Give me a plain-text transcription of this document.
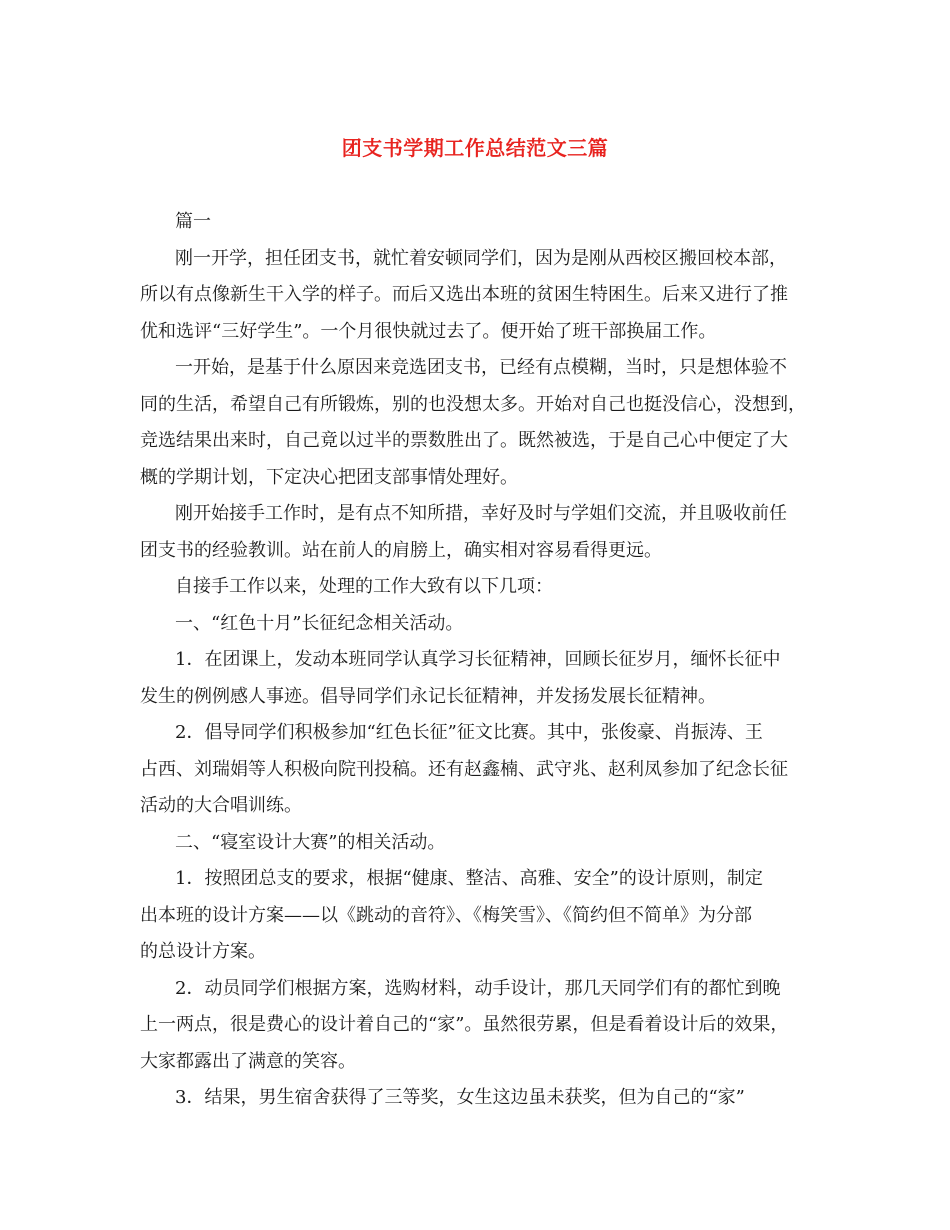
团支书学期工作总结范文三篇
篇一
刚一开学，担任团支书，就忙着安顿同学们，因为是刚从西校区搬回校本部，
所以有点像新生干入学的样子。而后又选出本班的贫困生特困生。后来又进行了推
优和选评“三好学生”。一个月很快就过去了。便开始了班干部换届工作。
一开始，是基于什么原因来竞选团支书，已经有点模糊，当时，只是想体验不
同的生活，希望自己有所锻炼，别的也没想太多。开始对自己也挺没信心，没想到，
竞选结果出来时，自己竟以过半的票数胜出了。既然被选，于是自己心中便定了大
概的学期计划，下定决心把团支部事情处理好。
刚开始接手工作时，是有点不知所措，幸好及时与学姐们交流，并且吸收前任
团支书的经验教训。站在前人的肩膀上，确实相对容易看得更远。
自接手工作以来，处理的工作大致有以下几项：
一、“红色十月”长征纪念相关活动。
1．在团课上，发动本班同学认真学习长征精神，回顾长征岁月，缅怀长征中
发生的例例感人事迹。倡导同学们永记长征精神，并发扬发展长征精神。
2．倡导同学们积极参加“红色长征”征文比赛。其中，张俊豪、肖振涛、王
占西、刘瑞娟等人积极向院刊投稿。还有赵鑫楠、武守兆、赵利凤参加了纪念长征
活动的大合唱训练。
二、“寝室设计大赛”的相关活动。
1．按照团总支的要求，根据“健康、整洁、高雅、安全”的设计原则，制定
出本班的设计方案——以《跳动的音符》、《梅笑雪》、《简约但不简单》为分部
的总设计方案。
2．动员同学们根据方案，选购材料，动手设计，那几天同学们有的都忙到晚
上一两点，很是费心的设计着自己的“家”。虽然很劳累，但是看着设计后的效果，
大家都露出了满意的笑容。
3．结果，男生宿舍获得了三等奖，女生这边虽未获奖，但为自己的“家”
